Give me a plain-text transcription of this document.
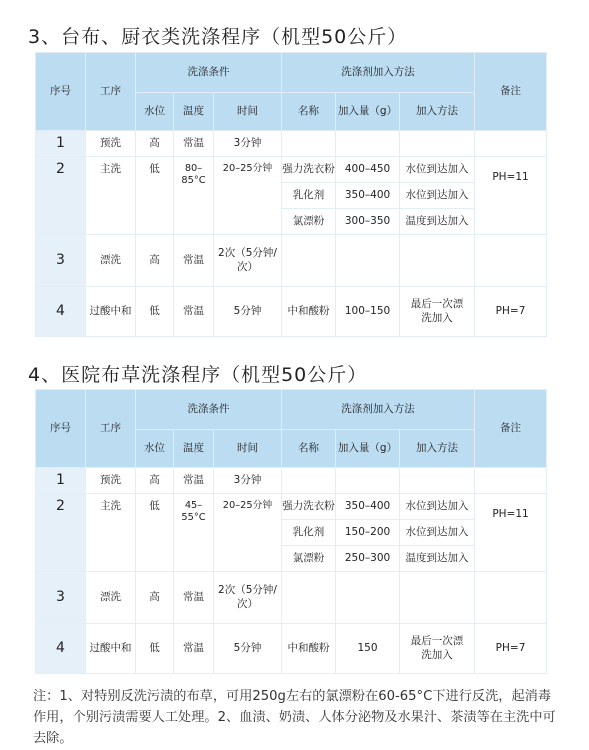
3、台布、厨衣类洗涤程序（机型50公斤）
序号	工序	洗涤条件			洗涤剂加入方法			备注
		水位	温度	时间	名称	加入量（g）	加入方法	
1	预洗	高	常温	3分钟				
2	主洗	低	80–85°C	20–25分钟	强力洗衣粉	400–450	水位到达加入	PH=11
					乳化剂	350–400	水位到达加入	
					氯漂粉	300–350	温度到达加入	
3	漂洗	高	常温	2次（5分钟/次）				
4	过酸中和	低	常温	5分钟	中和酸粉	100–150	最后一次漂洗加入	PH=7
4、医院布草洗涤程序（机型50公斤）
序号	工序	洗涤条件			洗涤剂加入方法			备注
		水位	温度	时间	名称	加入量（g）	加入方法	
1	预洗	高	常温	3分钟				
2	主洗	低	45–55°C	20–25分钟	强力洗衣粉	350–400	水位到达加入	PH=11
					乳化剂	150–200	水位到达加入	
					氯漂粉	250–300	温度到达加入	
3	漂洗	高	常温	2次（5分钟/次）				
4	过酸中和	低	常温	5分钟	中和酸粉	150	最后一次漂洗加入	PH=7
注：1、对特别反洗污渍的布草，可用250g左右的氯漂粉在60-65°C下进行反洗，起消毒作用，个别污渍需要人工处理。2、血渍、奶渍、人体分泌物及水果汁、茶渍等在主洗中可去除。
